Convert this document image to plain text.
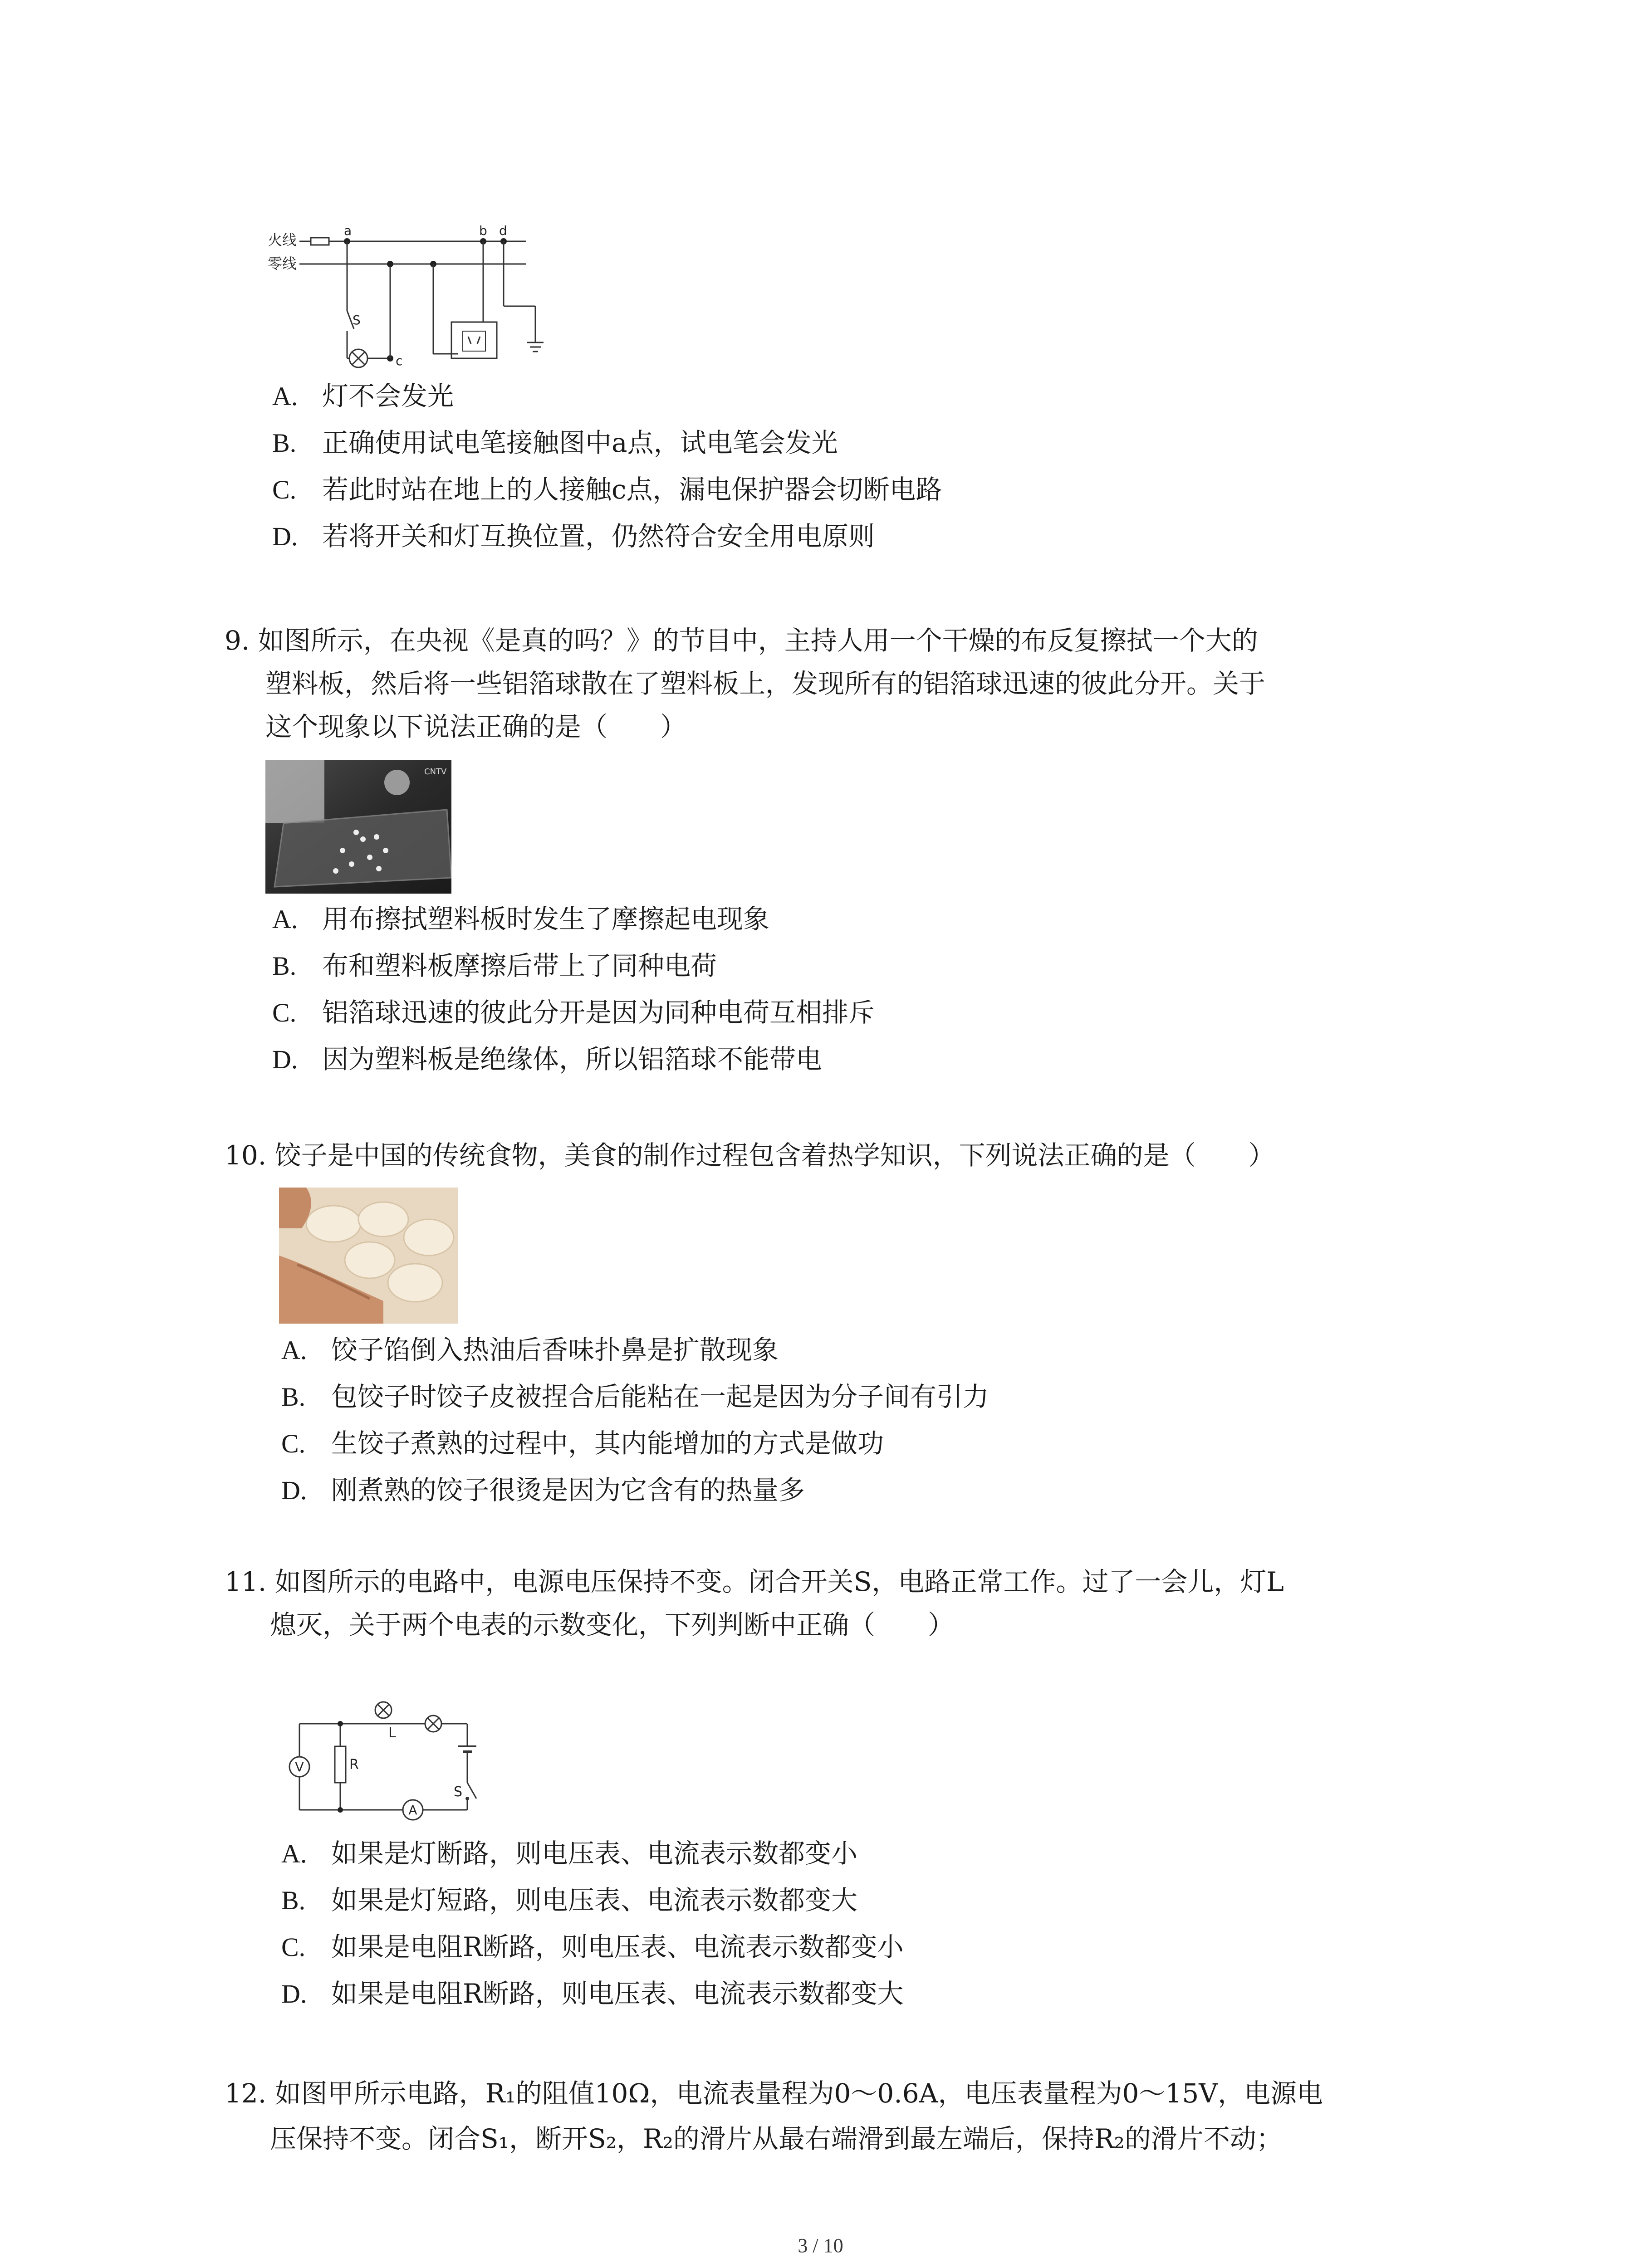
火线
零线
a	b d
S
c
A. 灯不会发光
B. 正确使用试电笔接触图中a点，试电笔会发光
C. 若此时站在地上的人接触c点，漏电保护器会切断电路
D. 若将开关和灯互换位置，仍然符合安全用电原则
9. 如图所示，在央视《是真的吗？》的节目中，主持人用一个干燥的布反复擦拭一个大的
塑料板，然后将一些铝箔球散在了塑料板上，发现所有的铝箔球迅速的彼此分开。关于
这个现象以下说法正确的是（　　）
CNTV
A. 用布擦拭塑料板时发生了摩擦起电现象
B. 布和塑料板摩擦后带上了同种电荷
C. 铝箔球迅速的彼此分开是因为同种电荷互相排斥
D. 因为塑料板是绝缘体，所以铝箔球不能带电
10. 饺子是中国的传统食物，美食的制作过程包含着热学知识，下列说法正确的是（　　）
A. 饺子馅倒入热油后香味扑鼻是扩散现象
B. 包饺子时饺子皮被捏合后能粘在一起是因为分子间有引力
C. 生饺子煮熟的过程中，其内能增加的方式是做功
D. 刚煮熟的饺子很烫是因为它含有的热量多
11. 如图所示的电路中，电源电压保持不变。闭合开关S，电路正常工作。过了一会儿，灯L
熄灭，关于两个电表的示数变化，下列判断中正确（　　）
S
L
R
V
A
A. 如果是灯断路，则电压表、电流表示数都变小
B. 如果是灯短路，则电压表、电流表示数都变大
C. 如果是电阻R断路，则电压表、电流表示数都变小
D. 如果是电阻R断路，则电压表、电流表示数都变大
12. 如图甲所示电路，R₁的阻值10Ω，电流表量程为0～0.6A，电压表量程为0～15V，电源电
压保持不变。闭合S₁，断开S₂，R₂的滑片从最右端滑到最左端后，保持R₂的滑片不动；
3 / 10
